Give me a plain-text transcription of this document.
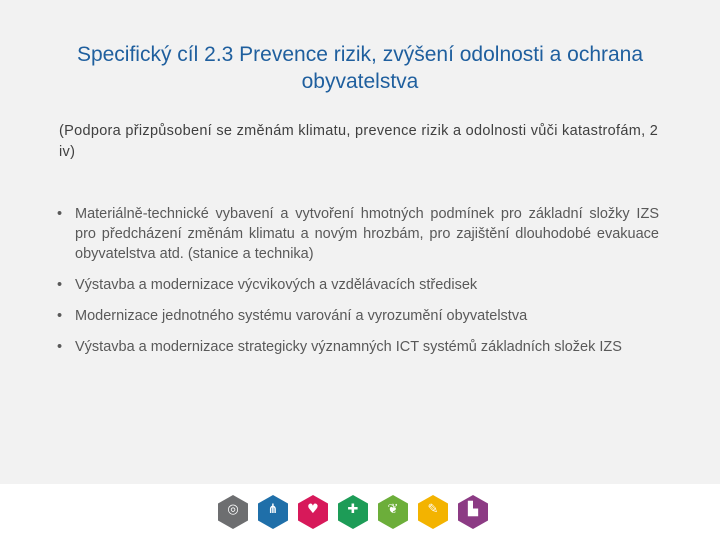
Specifický cíl 2.3 Prevence rizik, zvýšení odolnosti a ochrana obyvatelstva
(Podpora přizpůsobení se změnám klimatu, prevence rizik a odolnosti vůči katastrofám, 2 iv)
• Materiálně-technické vybavení a vytvoření hmotných podmínek pro základní složky IZS pro předcházení změnám klimatu a novým hrozbám, pro zajištění dlouhodobé evakuace obyvatelstva atd. (stanice a technika)
• Výstavba a modernizace výcvikových a vzdělávacích středisek
• Modernizace jednotného systému varování a vyrozumění obyvatelstva
• Výstavba a modernizace strategicky významných ICT systémů základních složek IZS
◎ ⋔ ♥ ✚ ❦ ✎ ▙
